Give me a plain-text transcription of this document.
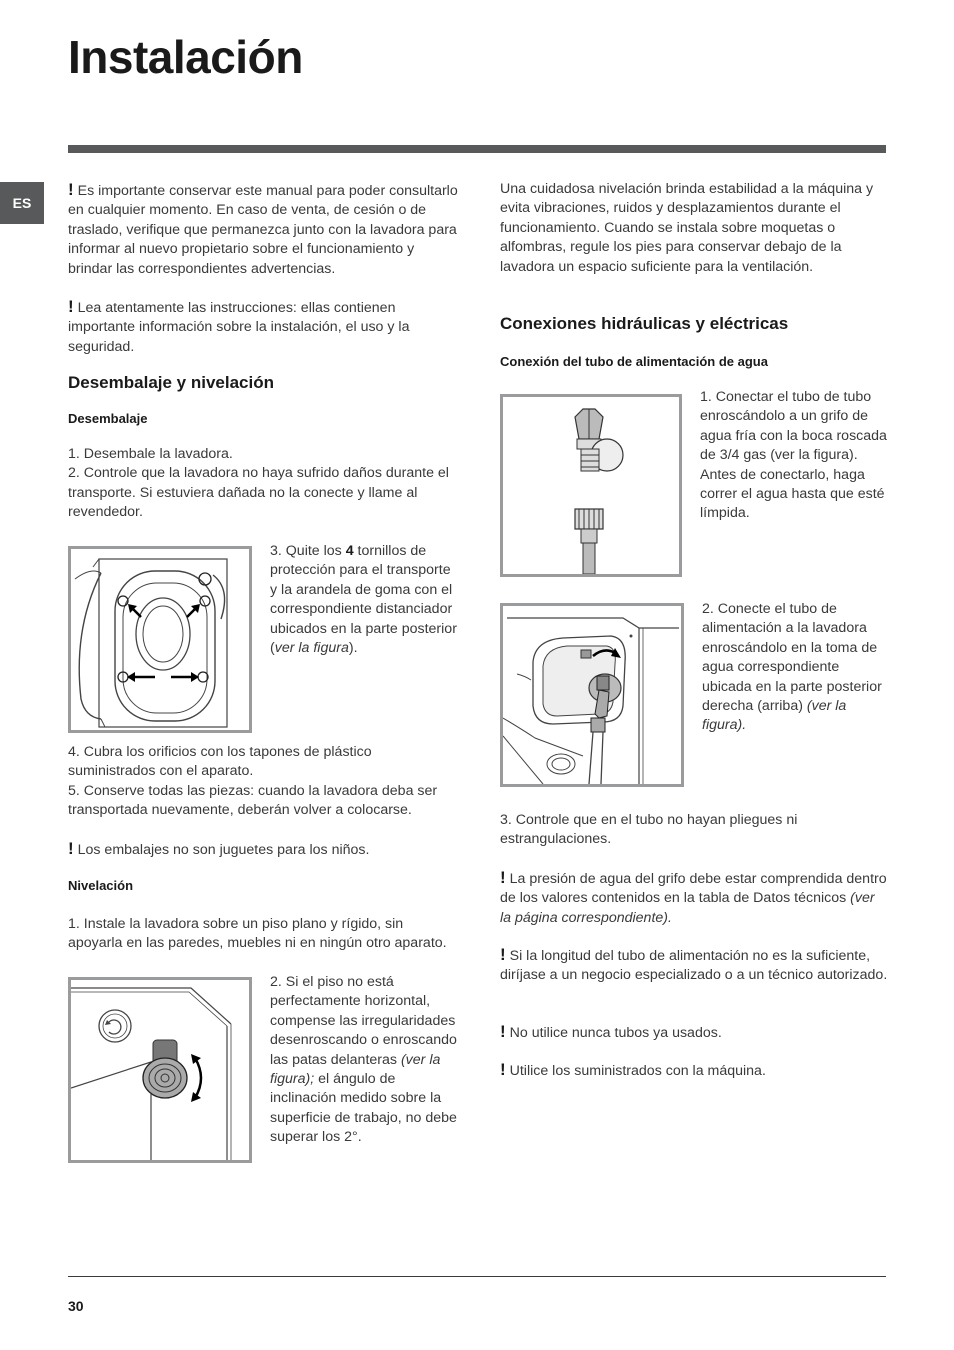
Instalación
ES

! Es importante conservar este manual para poder consultarlo en cualquier momento. En caso de venta, de cesión o de traslado, verifique que permanezca junto con la lavadora para informar al nuevo propietario sobre el funcionamiento y brindar las correspondientes advertencias.

! Lea atentamente las instrucciones: ellas contienen importante información sobre la instalación, el uso y la seguridad.

Desembalaje y nivelación
Desembalaje

1. Desembale la lavadora.

2. Controle que la lavadora no haya sufrido daños durante el transporte. Si estuviera dañada no la conecte y llame al revendedor.

3. Quite los 4 tornillos de protección para el transporte y la arandela de goma con el correspondiente distanciador ubicados en la parte posterior (ver la figura).

4. Cubra los orificios con los tapones de plástico suministrados con el aparato.

5. Conserve todas las piezas: cuando la lavadora deba ser transportada nuevamente, deberán volver a colocarse.

! Los embalajes no son juguetes para los niños.

Nivelación

1. Instale la lavadora sobre un piso plano y rígido, sin apoyarla en las paredes, muebles ni en ningún otro aparato.

2. Si el piso no está perfectamente horizontal, compense las irregularidades desenroscando o enroscando las patas delanteras (ver la figura); el ángulo de inclinación medido sobre la superficie de trabajo, no debe superar los 2°.

Una cuidadosa nivelación brinda estabilidad a la máquina y evita vibraciones, ruidos y desplazamientos durante el funcionamiento. Cuando se instala sobre moquetas o alfombras, regule los pies para conservar debajo de la lavadora un espacio suficiente para la ventilación.

Conexiones hidráulicas y eléctricas
Conexión del tubo de alimentación de agua

1. Conectar el tubo de tubo enroscándolo a un grifo de agua fría con la boca roscada de 3/4 gas (ver la figura). Antes de conectarlo, haga correr el agua hasta que esté límpida.

2. Conecte el tubo de alimentación a la lavadora enroscándolo en la toma de agua correspondiente ubicada en la parte posterior derecha (arriba) (ver la figura).

3. Controle que en el tubo no hayan pliegues ni estrangulaciones.

! La presión de agua del grifo debe estar comprendida dentro de los valores contenidos en la tabla de Datos técnicos (ver la página correspondiente).

! Si la longitud del tubo de alimentación no es la suficiente, diríjase a un negocio especializado o a un técnico autorizado.

! No utilice nunca tubos ya usados.

! Utilice los suministrados con la máquina.

30
